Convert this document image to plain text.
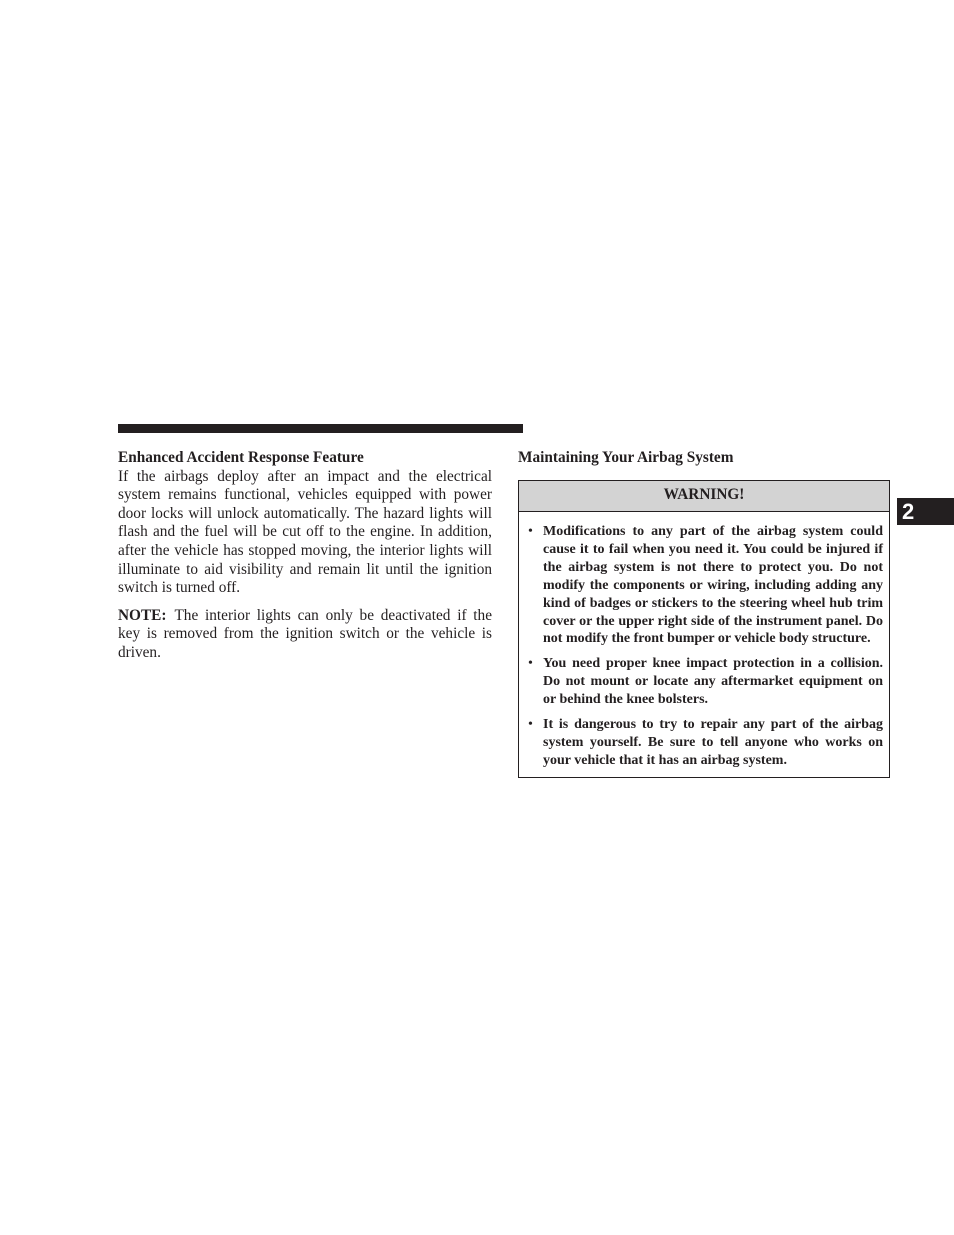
Enhanced Accident Response Feature

If the airbags deploy after an impact and the electrical system remains functional, vehicles equipped with power door locks will unlock automatically. The hazard lights will flash and the fuel will be cut off to the engine. In addition, after the vehicle has stopped moving, the interior lights will illuminate to aid visibility and remain lit until the ignition switch is turned off.

NOTE: The interior lights can only be deactivated if the key is removed from the ignition switch or the vehicle is driven.

Maintaining Your Airbag System
WARNING!
• Modifications to any part of the airbag system could cause it to fail when you need it. You could be injured if the airbag system is not there to protect you. Do not modify the components or wiring, including adding any kind of badges or stickers to the steering wheel hub trim cover or the upper right side of the instrument panel. Do not modify the front bumper or vehicle body structure.
• You need proper knee impact protection in a collision. Do not mount or locate any aftermarket equipment on or behind the knee bolsters.
• It is dangerous to try to repair any part of the airbag system yourself. Be sure to tell anyone who works on your vehicle that it has an airbag system.
2
